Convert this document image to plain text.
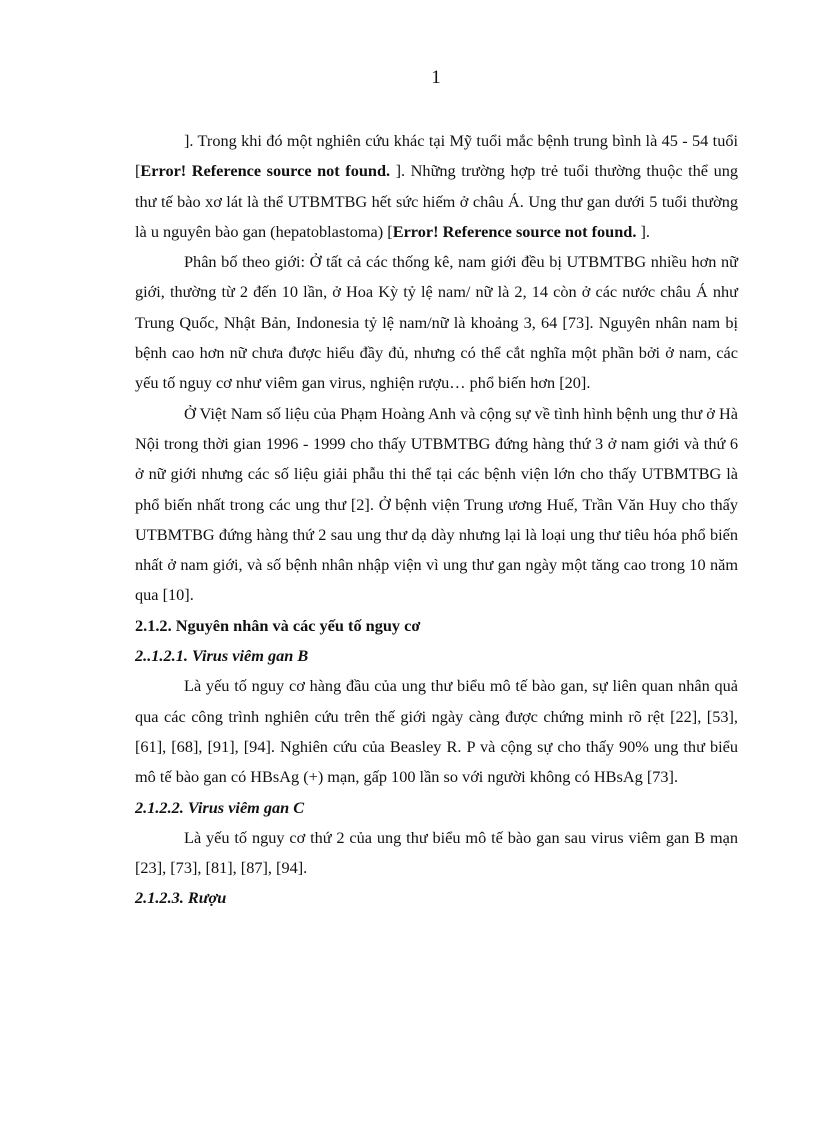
1

]. Trong khi đó một nghiên cứu khác tại Mỹ tuổi mắc bệnh trung bình là 45 - 54 tuổi [Error! Reference source not found. ]. Những trường hợp trẻ tuổi thường thuộc thể ung thư tế bào xơ lát là thể UTBMTBG hết sức hiếm ở châu Á. Ung thư gan dưới 5 tuổi thường là u nguyên bào gan (hepatoblastoma) [Error! Reference source not found. ].

Phân bố theo giới: Ở tất cả các thống kê, nam giới đều bị UTBMTBG nhiều hơn nữ giới, thường từ 2 đến 10 lần, ở Hoa Kỳ tỷ lệ nam/ nữ là 2, 14 còn ở các nước châu Á như Trung Quốc, Nhật Bản, Indonesia tỷ lệ nam/nữ là khoảng 3, 64 [73]. Nguyên nhân nam bị bệnh cao hơn nữ chưa được hiểu đầy đủ, nhưng có thể cắt nghĩa một phần bởi ở nam, các yếu tố nguy cơ như viêm gan virus, nghiện rượu… phổ biến hơn [20].

Ở Việt Nam số liệu của Phạm Hoàng Anh và cộng sự về tình hình bệnh ung thư ở Hà Nội trong thời gian 1996 - 1999 cho thấy UTBMTBG đứng hàng thứ 3 ở nam giới và thứ 6 ở nữ giới nhưng các số liệu giải phẫu thi thể tại các bệnh viện lớn cho thấy UTBMTBG là phổ biến nhất trong các ung thư [2]. Ở bệnh viện Trung ương Huế, Trần Văn Huy cho thấy UTBMTBG đứng hàng thứ 2 sau ung thư dạ dày nhưng lại là loại ung thư tiêu hóa phổ biến nhất ở nam giới, và số bệnh nhân nhập viện vì ung thư gan ngày một tăng cao trong 10 năm qua [10].

2.1.2. Nguyên nhân và các yếu tố nguy cơ

2..1.2.1. Virus viêm gan B

Là yếu tố nguy cơ hàng đầu của ung thư biểu mô tế bào gan, sự liên quan nhân quả qua các công trình nghiên cứu trên thế giới ngày càng được chứng minh rõ rệt [22], [53], [61], [68], [91], [94]. Nghiên cứu của Beasley R. P và cộng sự cho thấy 90% ung thư biểu mô tế bào gan có HBsAg (+) mạn, gấp 100 lần so với người không có HBsAg [73].

2.1.2.2. Virus viêm gan C

Là yếu tố nguy cơ thứ 2 của ung thư biểu mô tế bào gan sau virus viêm gan B mạn [23], [73], [81], [87], [94].

2.1.2.3. Rượu
